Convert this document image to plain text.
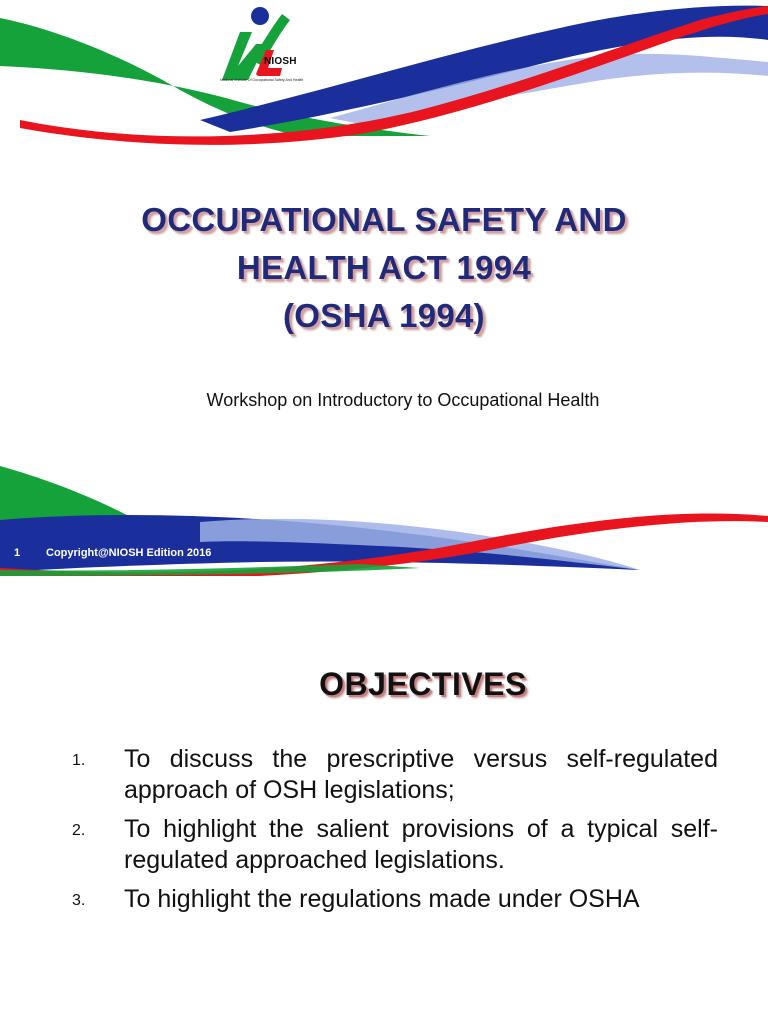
NIOSH
National Institute Of Occupational Safety And Health
OCCUPATIONAL SAFETY AND
HEALTH ACT 1994
(OSHA 1994)
Workshop on Introductory to Occupational Health
1 Copyright@NIOSH Edition 2016
OBJECTIVES
1. To discuss the prescriptive versus self-regulated approach of OSH legislations;
2. To highlight the salient provisions of a typical self-regulated approached legislations.
3. To highlight the regulations made under OSHA
